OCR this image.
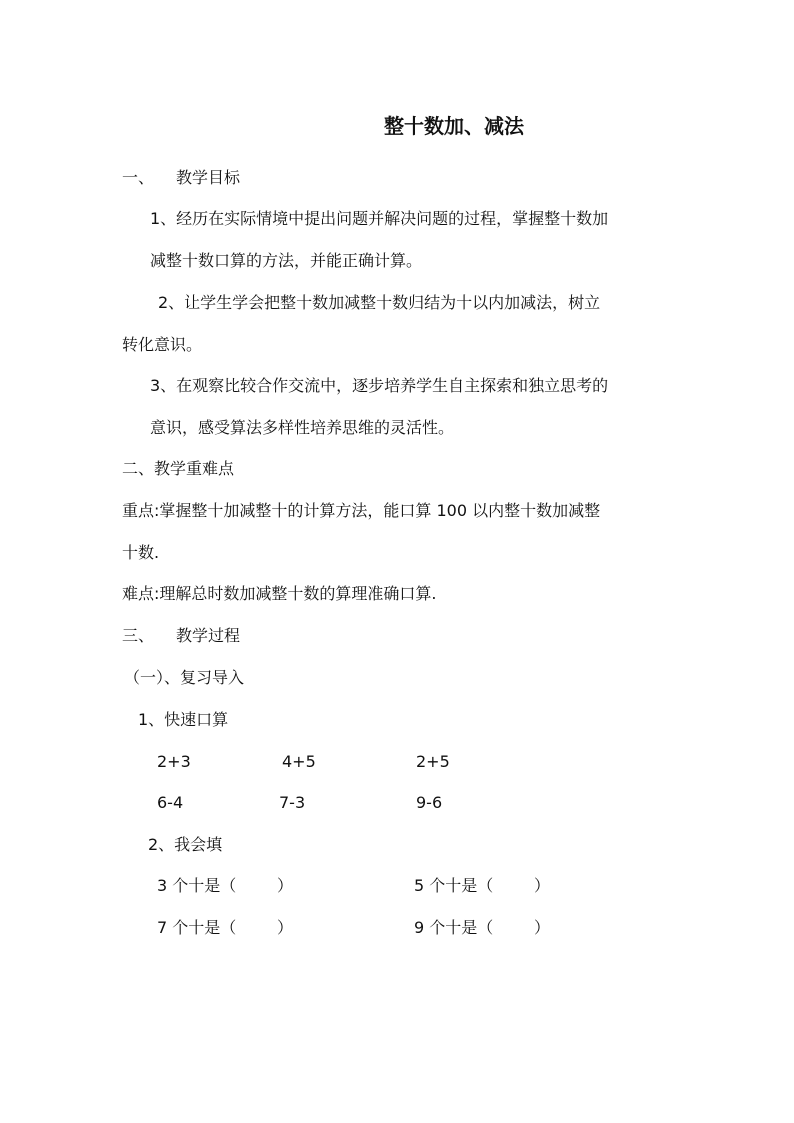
整十数加、减法
一、 教学目标
1、经历在实际情境中提出问题并解决问题的过程，掌握整十数加
减整十数口算的方法，并能正确计算。
2、让学生学会把整十数加减整十数归结为十以内加减法，树立
转化意识。
3、在观察比较合作交流中，逐步培养学生自主探索和独立思考的
意识，感受算法多样性培养思维的灵活性。
二、教学重难点
重点:掌握整十加减整十的计算方法，能口算 100 以内整十数加减整
十数.
难点:理解总时数加减整十数的算理准确口算.
三、 教学过程
（一）、复习导入
1、快速口算
2+3	4+5	2+5
6-4	7-3	9-6
2、我会填
3 个十是（        ）	5 个十是（        ）
7 个十是（        ）	9 个十是（        ）
